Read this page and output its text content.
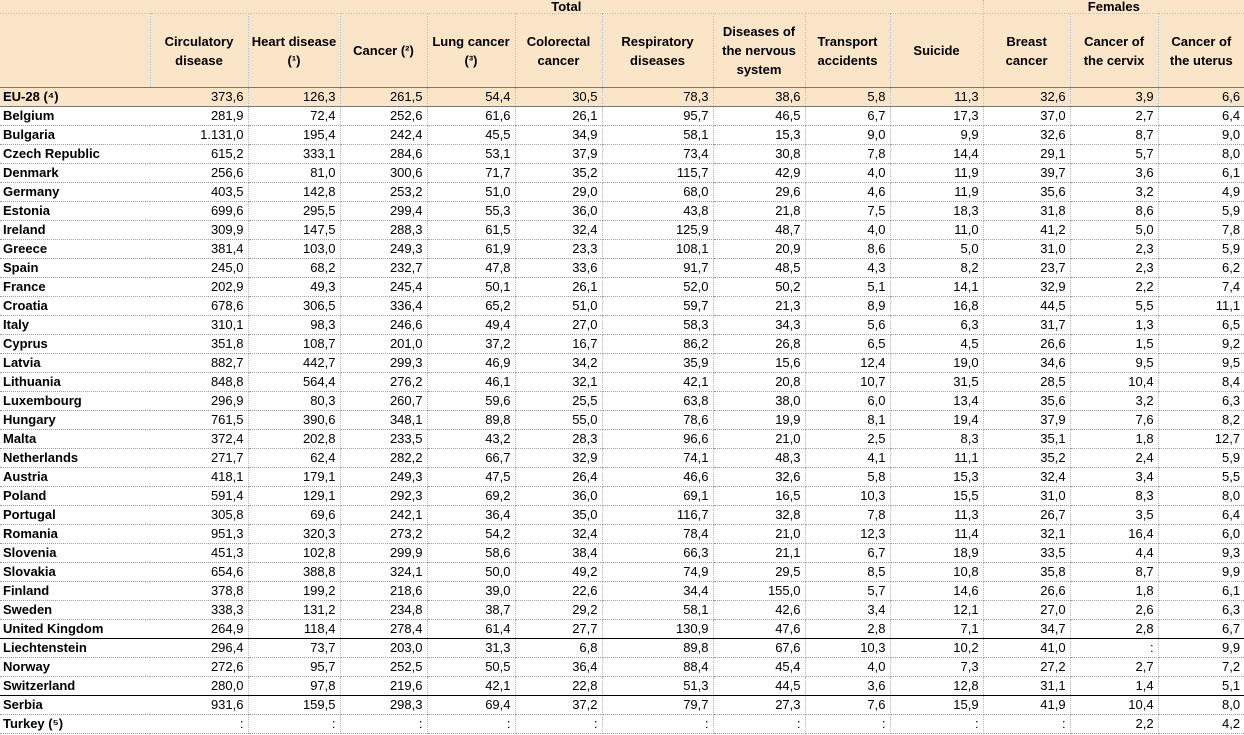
	Total									Females		
	Circulatory disease	Heart disease (¹)	Cancer (²)	Lung cancer (³)	Colorectal cancer	Respiratory diseases	Diseases of the nervous system	Transport accidents	Suicide	Breast cancer	Cancer of the cervix	Cancer of the uterus
EU-28 (⁴)	373,6	126,3	261,5	54,4	30,5	78,3	38,6	5,8	11,3	32,6	3,9	6,6
Belgium	281,9	72,4	252,6	61,6	26,1	95,7	46,5	6,7	17,3	37,0	2,7	6,4
Bulgaria	1.131,0	195,4	242,4	45,5	34,9	58,1	15,3	9,0	9,9	32,6	8,7	9,0
Czech Republic	615,2	333,1	284,6	53,1	37,9	73,4	30,8	7,8	14,4	29,1	5,7	8,0
Denmark	256,6	81,0	300,6	71,7	35,2	115,7	42,9	4,0	11,9	39,7	3,6	6,1
Germany	403,5	142,8	253,2	51,0	29,0	68,0	29,6	4,6	11,9	35,6	3,2	4,9
Estonia	699,6	295,5	299,4	55,3	36,0	43,8	21,8	7,5	18,3	31,8	8,6	5,9
Ireland	309,9	147,5	288,3	61,5	32,4	125,9	48,7	4,0	11,0	41,2	5,0	7,8
Greece	381,4	103,0	249,3	61,9	23,3	108,1	20,9	8,6	5,0	31,0	2,3	5,9
Spain	245,0	68,2	232,7	47,8	33,6	91,7	48,5	4,3	8,2	23,7	2,3	6,2
France	202,9	49,3	245,4	50,1	26,1	52,0	50,2	5,1	14,1	32,9	2,2	7,4
Croatia	678,6	306,5	336,4	65,2	51,0	59,7	21,3	8,9	16,8	44,5	5,5	11,1
Italy	310,1	98,3	246,6	49,4	27,0	58,3	34,3	5,6	6,3	31,7	1,3	6,5
Cyprus	351,8	108,7	201,0	37,2	16,7	86,2	26,8	6,5	4,5	26,6	1,5	9,2
Latvia	882,7	442,7	299,3	46,9	34,2	35,9	15,6	12,4	19,0	34,6	9,5	9,5
Lithuania	848,8	564,4	276,2	46,1	32,1	42,1	20,8	10,7	31,5	28,5	10,4	8,4
Luxembourg	296,9	80,3	260,7	59,6	25,5	63,8	38,0	6,0	13,4	35,6	3,2	6,3
Hungary	761,5	390,6	348,1	89,8	55,0	78,6	19,9	8,1	19,4	37,9	7,6	8,2
Malta	372,4	202,8	233,5	43,2	28,3	96,6	21,0	2,5	8,3	35,1	1,8	12,7
Netherlands	271,7	62,4	282,2	66,7	32,9	74,1	48,3	4,1	11,1	35,2	2,4	5,9
Austria	418,1	179,1	249,3	47,5	26,4	46,6	32,6	5,8	15,3	32,4	3,4	5,5
Poland	591,4	129,1	292,3	69,2	36,0	69,1	16,5	10,3	15,5	31,0	8,3	8,0
Portugal	305,8	69,6	242,1	36,4	35,0	116,7	32,8	7,8	11,3	26,7	3,5	6,4
Romania	951,3	320,3	273,2	54,2	32,4	78,4	21,0	12,3	11,4	32,1	16,4	6,0
Slovenia	451,3	102,8	299,9	58,6	38,4	66,3	21,1	6,7	18,9	33,5	4,4	9,3
Slovakia	654,6	388,8	324,1	50,0	49,2	74,9	29,5	8,5	10,8	35,8	8,7	9,9
Finland	378,8	199,2	218,6	39,0	22,6	34,4	155,0	5,7	14,6	26,6	1,8	6,1
Sweden	338,3	131,2	234,8	38,7	29,2	58,1	42,6	3,4	12,1	27,0	2,6	6,3
United Kingdom	264,9	118,4	278,4	61,4	27,7	130,9	47,6	2,8	7,1	34,7	2,8	6,7
Liechtenstein	296,4	73,7	203,0	31,3	6,8	89,8	67,6	10,3	10,2	41,0	:	9,9
Norway	272,6	95,7	252,5	50,5	36,4	88,4	45,4	4,0	7,3	27,2	2,7	7,2
Switzerland	280,0	97,8	219,6	42,1	22,8	51,3	44,5	3,6	12,8	31,1	1,4	5,1
Serbia	931,6	159,5	298,3	69,4	37,2	79,7	27,3	7,6	15,9	41,9	10,4	8,0
Turkey (⁵)	:	:	:	:	:	:	:	:	:	:	2,2	4,2
